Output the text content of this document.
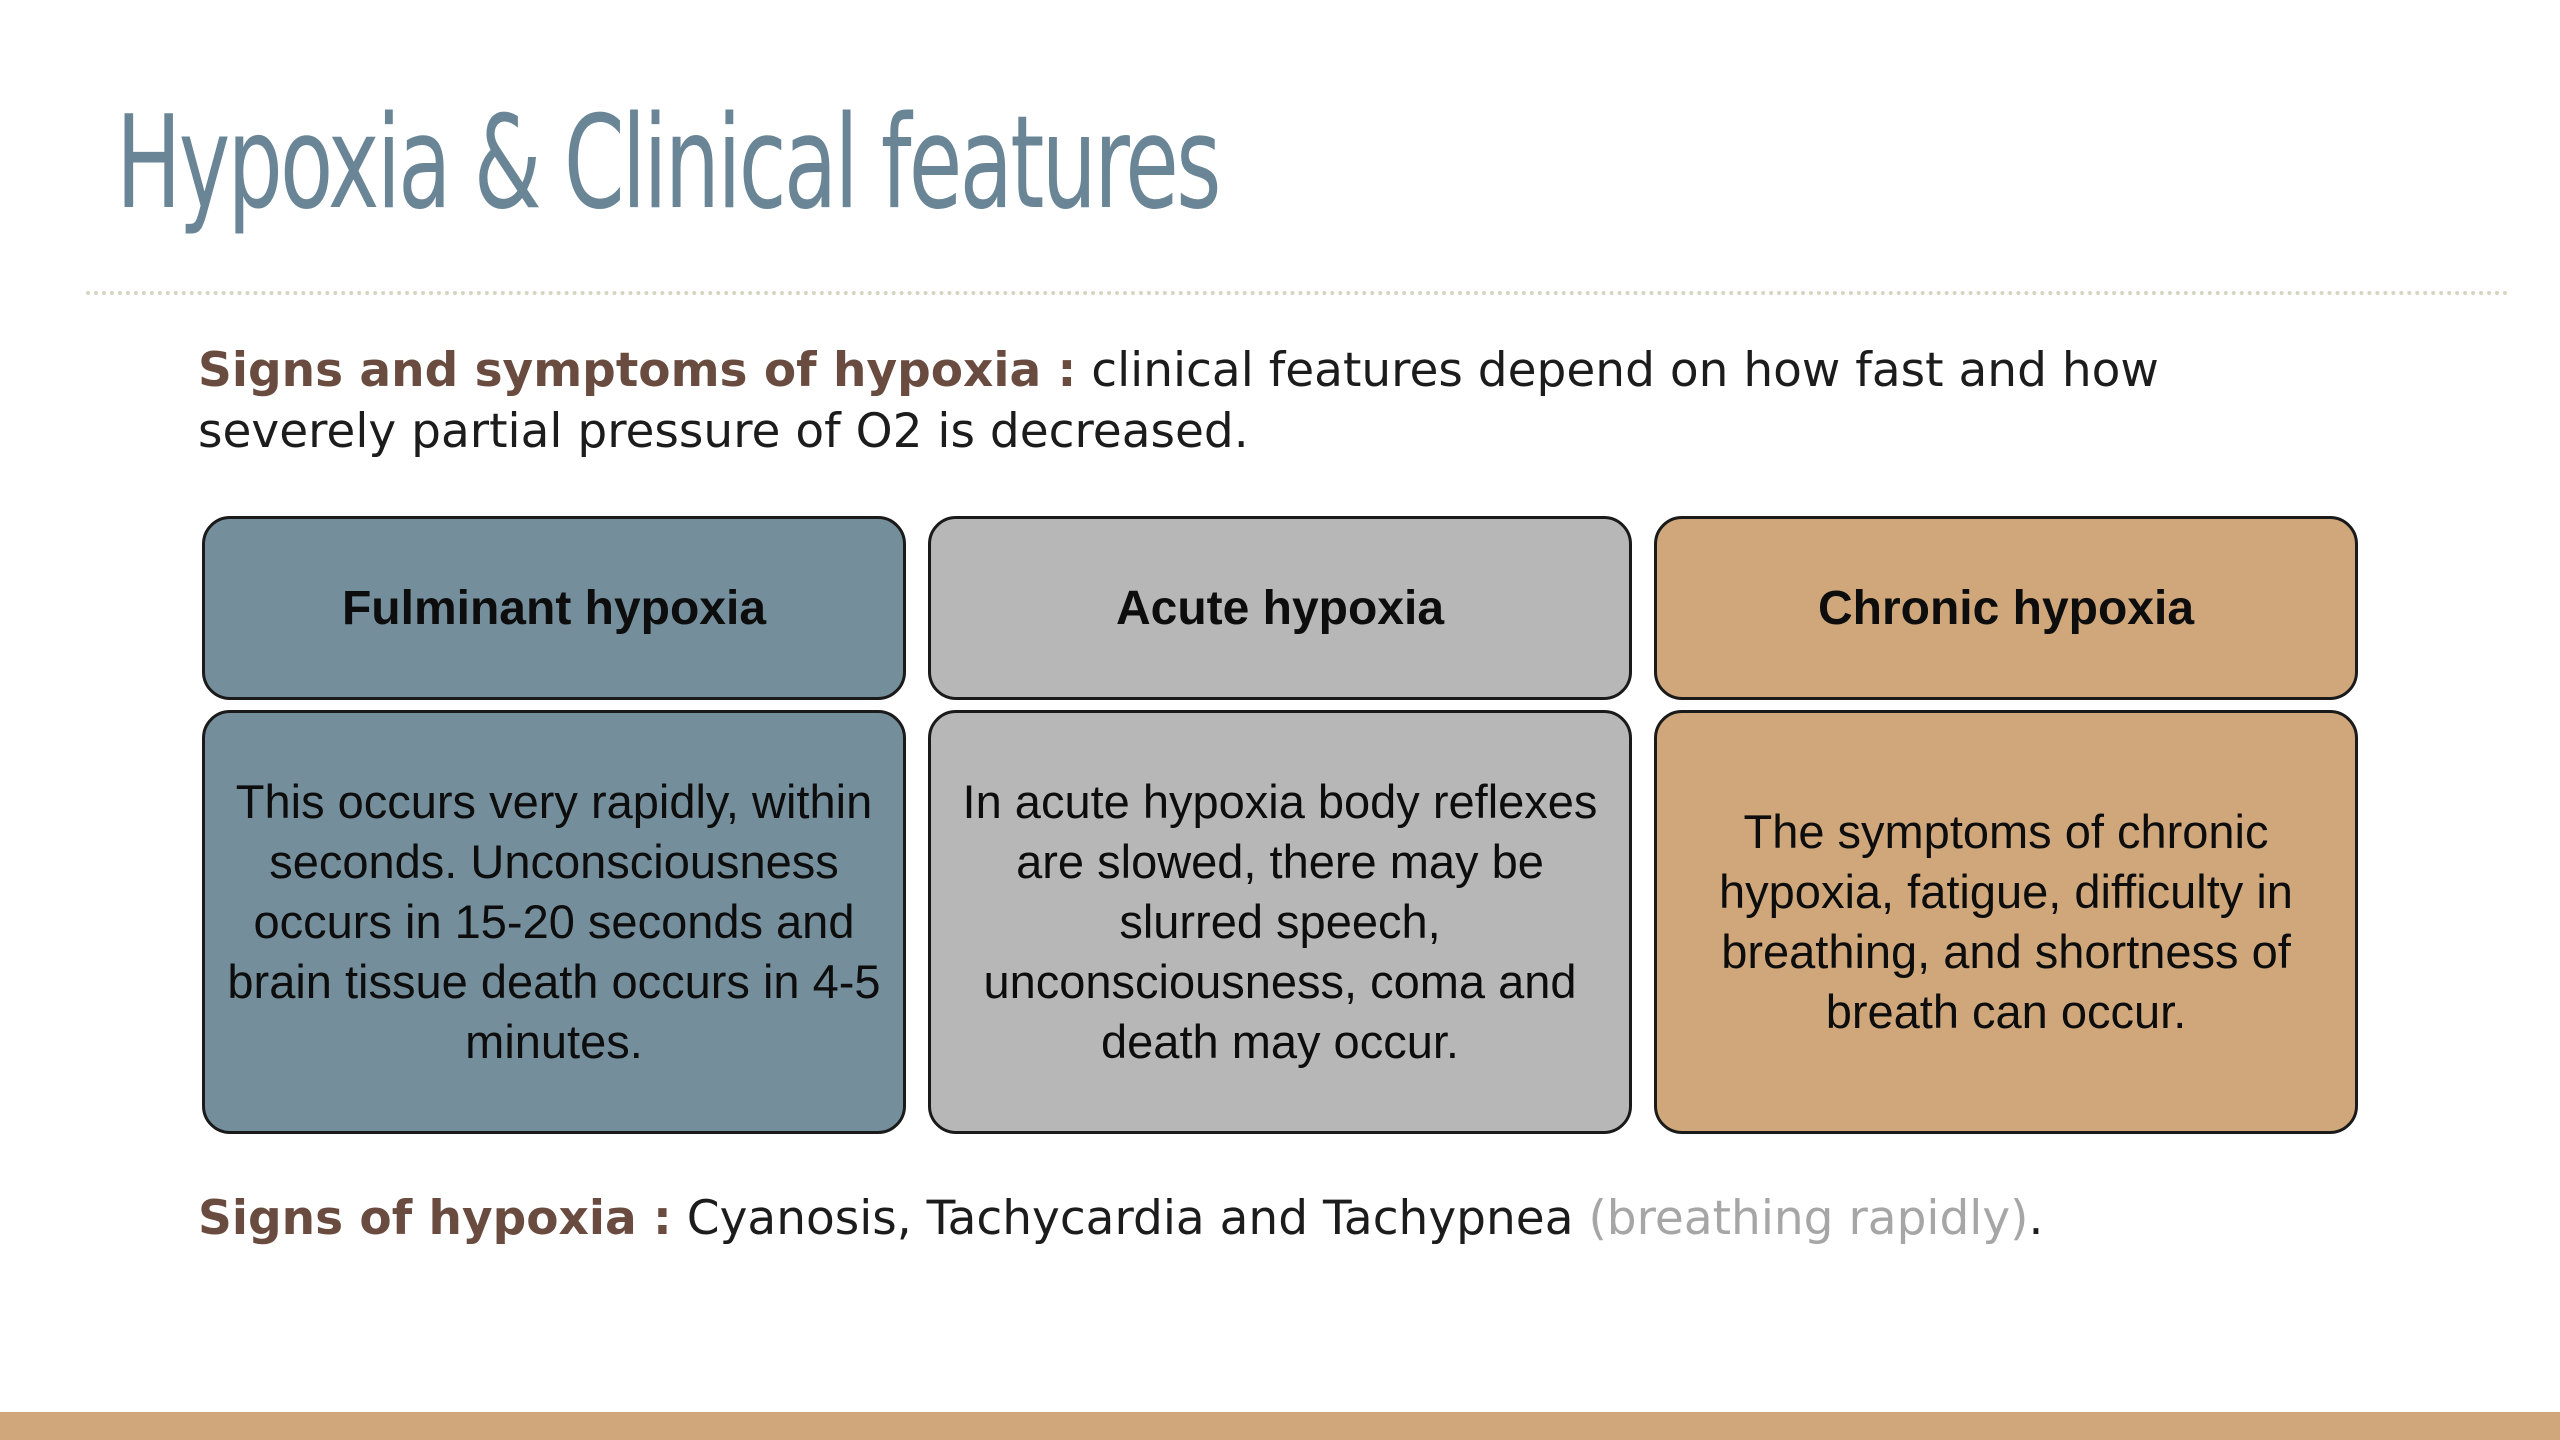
Hypoxia & Clinical features

Signs and symptoms of hypoxia : clinical features depend on how fast and how severely partial pressure of O2 is decreased.

Fulminant hypoxia	Acute hypoxia	Chronic hypoxia
This occurs very rapidly, within seconds. Unconsciousness occurs in 15-20 seconds and brain tissue death occurs in 4-5 minutes.
In acute hypoxia body reflexes are slowed, there may be slurred speech, unconsciousness, coma and death may occur.
The symptoms of chronic hypoxia, fatigue, difficulty in breathing, and shortness of breath can occur.

Signs of hypoxia : Cyanosis, Tachycardia and Tachypnea (breathing rapidly).
